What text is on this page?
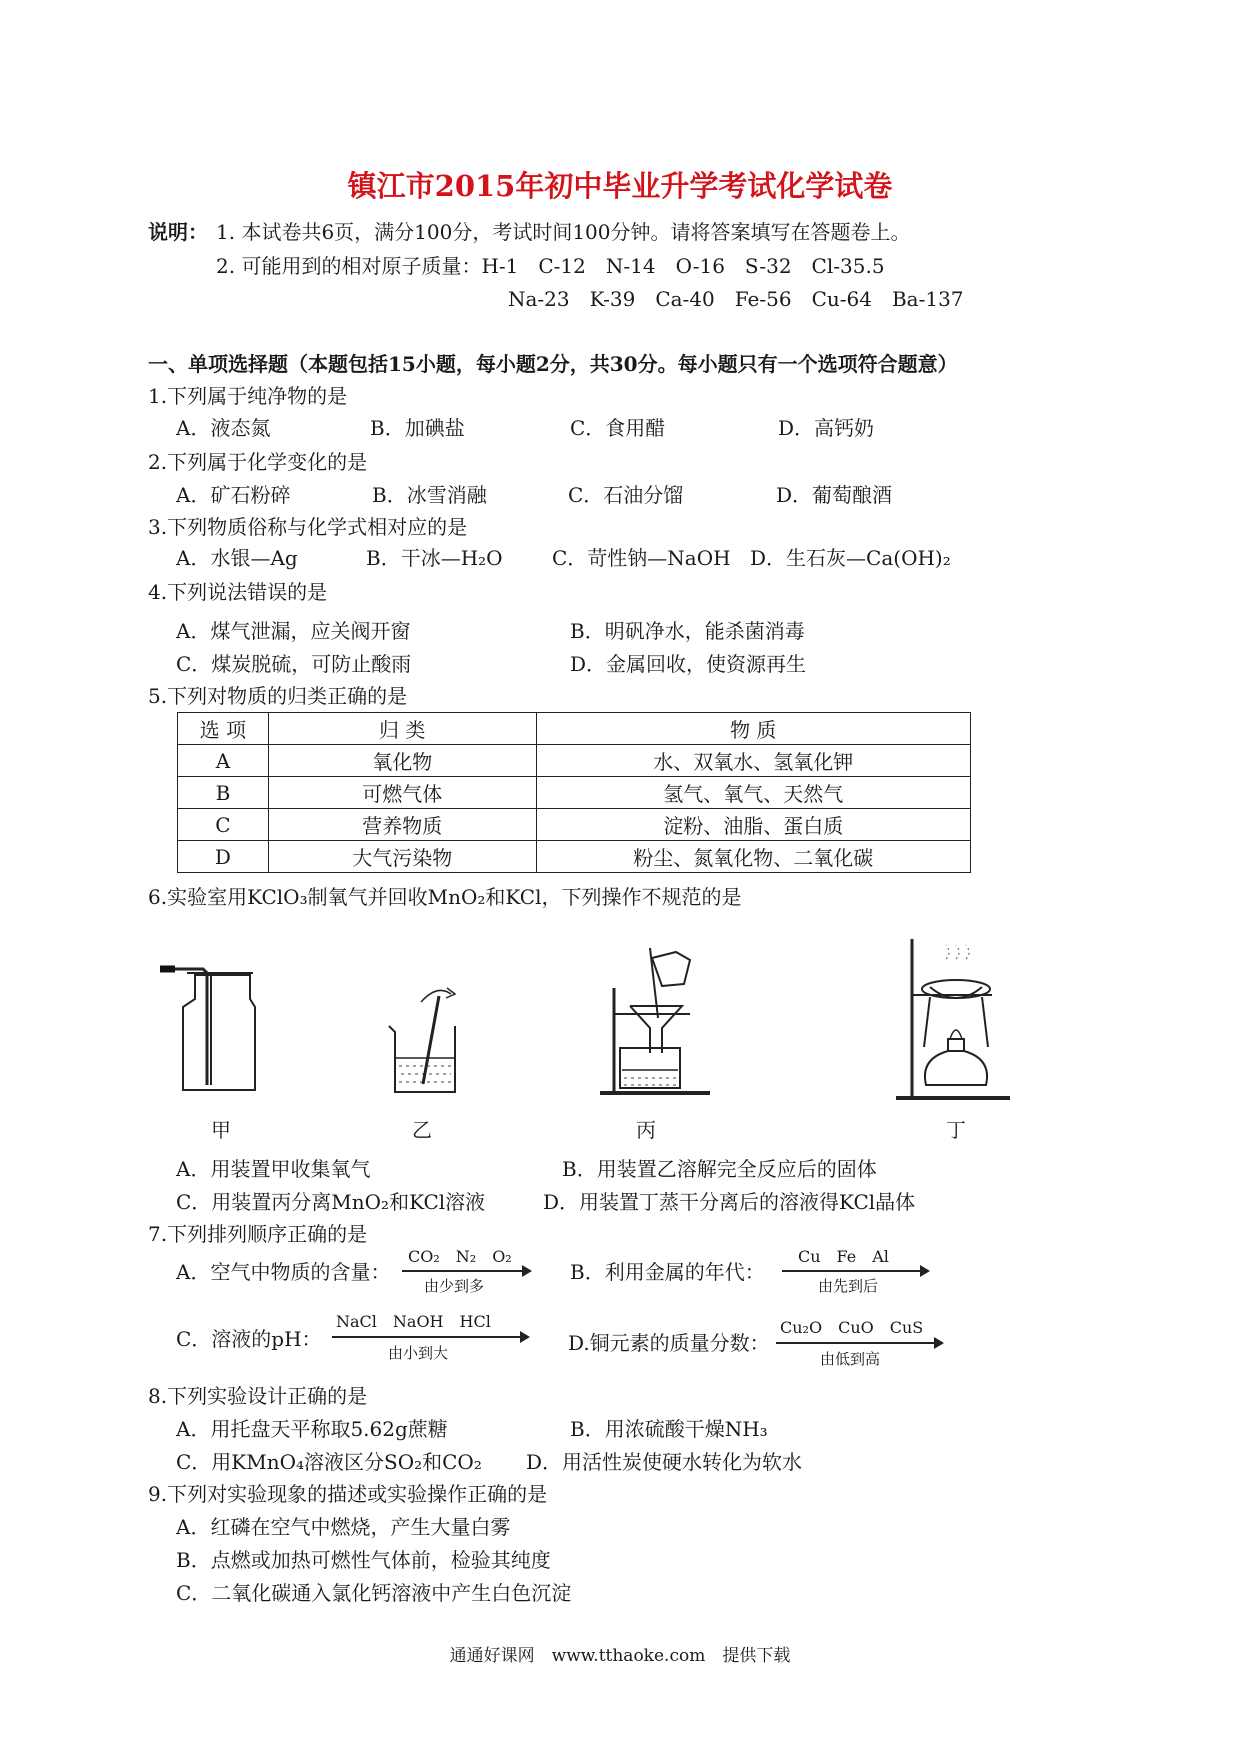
镇江市2015年初中毕业升学考试化学试卷
说明： 1. 本试卷共6页，满分100分，考试时间100分钟。请将答案填写在答题卷上。
2. 可能用到的相对原子质量：H-1　C-12　N-14　O-16　S-32　Cl-35.5
Na-23　K-39　Ca-40　Fe-56　Cu-64　Ba-137
一、单项选择题（本题包括15小题，每小题2分，共30分。每小题只有一个选项符合题意）
1.下列属于纯净物的是
A．液态氮	B．加碘盐	C．食用醋	D．高钙奶
2.下列属于化学变化的是
A．矿石粉碎	B．冰雪消融	C．石油分馏	D．葡萄酿酒
3.下列物质俗称与化学式相对应的是
A．水银—Ag	B．干冰—H₂O C．苛性钠—NaOH D．生石灰—Ca(OH)₂
4.下列说法错误的是
A．煤气泄漏，应关阀开窗	B．明矾净水，能杀菌消毒
C．煤炭脱硫，可防止酸雨	D．金属回收，使资源再生
5.下列对物质的归类正确的是
选 项	归 类	物 质
A	氧化物	水、双氧水、氢氧化钾
B	可燃气体	氢气、氧气、天然气
C	营养物质	淀粉、油脂、蛋白质
D	大气污染物	粉尘、氮氧化物、二氧化碳
6.实验室用KClO₃制氧气并回收MnO₂和KCl，下列操作不规范的是
甲	乙	丙	丁
A．用装置甲收集氧气	B．用装置乙溶解完全反应后的固体
C．用装置丙分离MnO₂和KCl溶液	D．用装置丁蒸干分离后的溶液得KCl晶体
7.下列排列顺序正确的是
A．空气中物质的含量：
CO₂　N₂　O₂
由少到多
B．利用金属的年代：
Cu　Fe　Al
由先到后
C．溶液的pH：
NaCl　NaOH　HCl
由小到大	D.铜元素的质量分数：
Cu₂O　CuO　CuS
由低到高
8.下列实验设计正确的是
A．用托盘天平称取5.62g蔗糖	B．用浓硫酸干燥NH₃
C．用KMnO₄溶液区分SO₂和CO₂ D．用活性炭使硬水转化为软水
9.下列对实验现象的描述或实验操作正确的是
A．红磷在空气中燃烧，产生大量白雾
B．点燃或加热可燃性气体前，检验其纯度
C．二氧化碳通入氯化钙溶液中产生白色沉淀
通通好课网　www.tthaoke.com　提供下载
